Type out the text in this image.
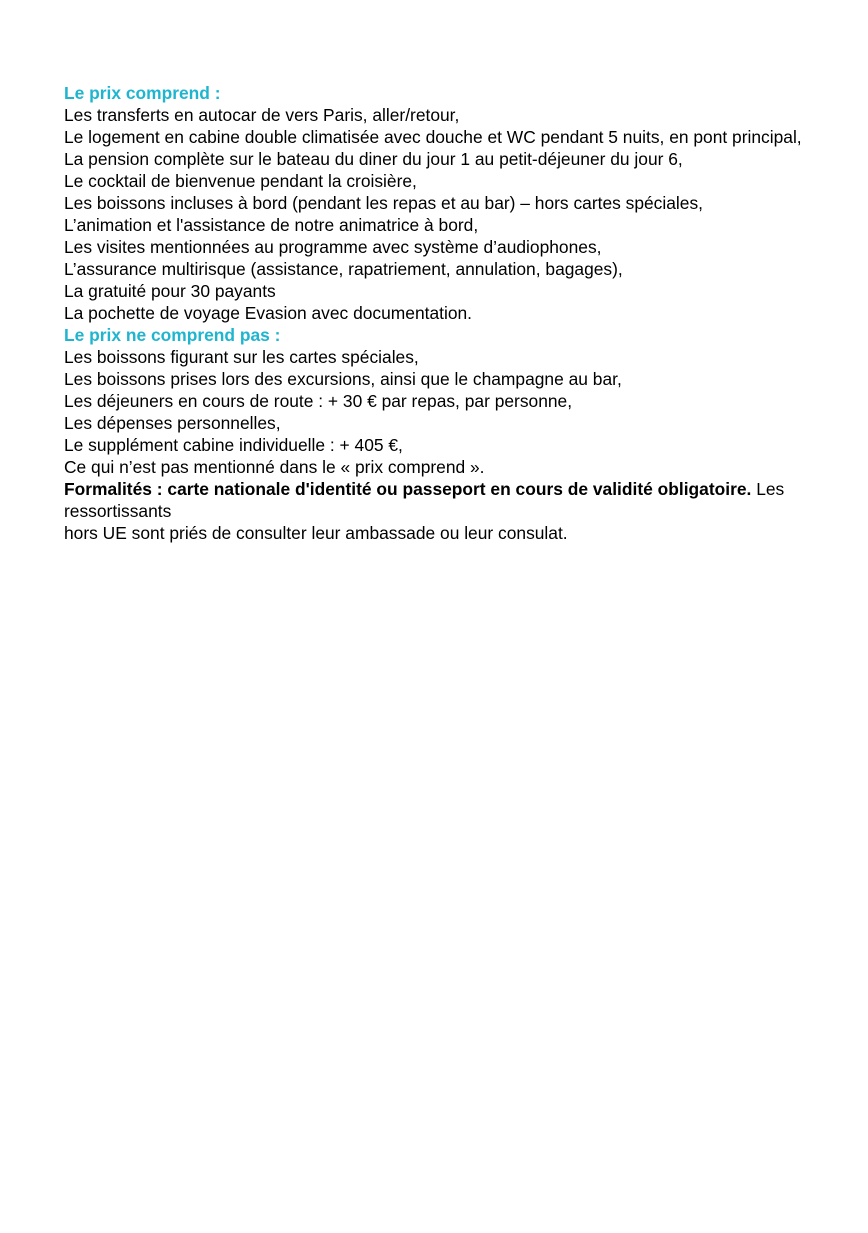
Le prix comprend :

Les transferts en autocar de vers Paris, aller/retour,
Le logement en cabine double climatisée avec douche et WC pendant 5 nuits, en pont principal,
La pension complète sur le bateau du diner du jour 1 au petit-déjeuner du jour 6,
Le cocktail de bienvenue pendant la croisière,
Les boissons incluses à bord (pendant les repas et au bar) – hors cartes spéciales,
L’animation et l'assistance de notre animatrice à bord,
Les visites mentionnées au programme avec système d’audiophones,
L’assurance multirisque (assistance, rapatriement, annulation, bagages),
La gratuité pour 30 payants
La pochette de voyage Evasion avec documentation.

Le prix ne comprend pas :

Les boissons figurant sur les cartes spéciales,
Les boissons prises lors des excursions, ainsi que le champagne au bar,
Les déjeuners en cours de route : + 30 € par repas, par personne,
Les dépenses personnelles,
Le supplément cabine individuelle : + 405 €,
Ce qui n’est pas mentionné dans le « prix comprend ».

Formalités : carte nationale d'identité ou passeport en cours de validité obligatoire. Les ressortissants
hors UE sont priés de consulter leur ambassade ou leur consulat.
